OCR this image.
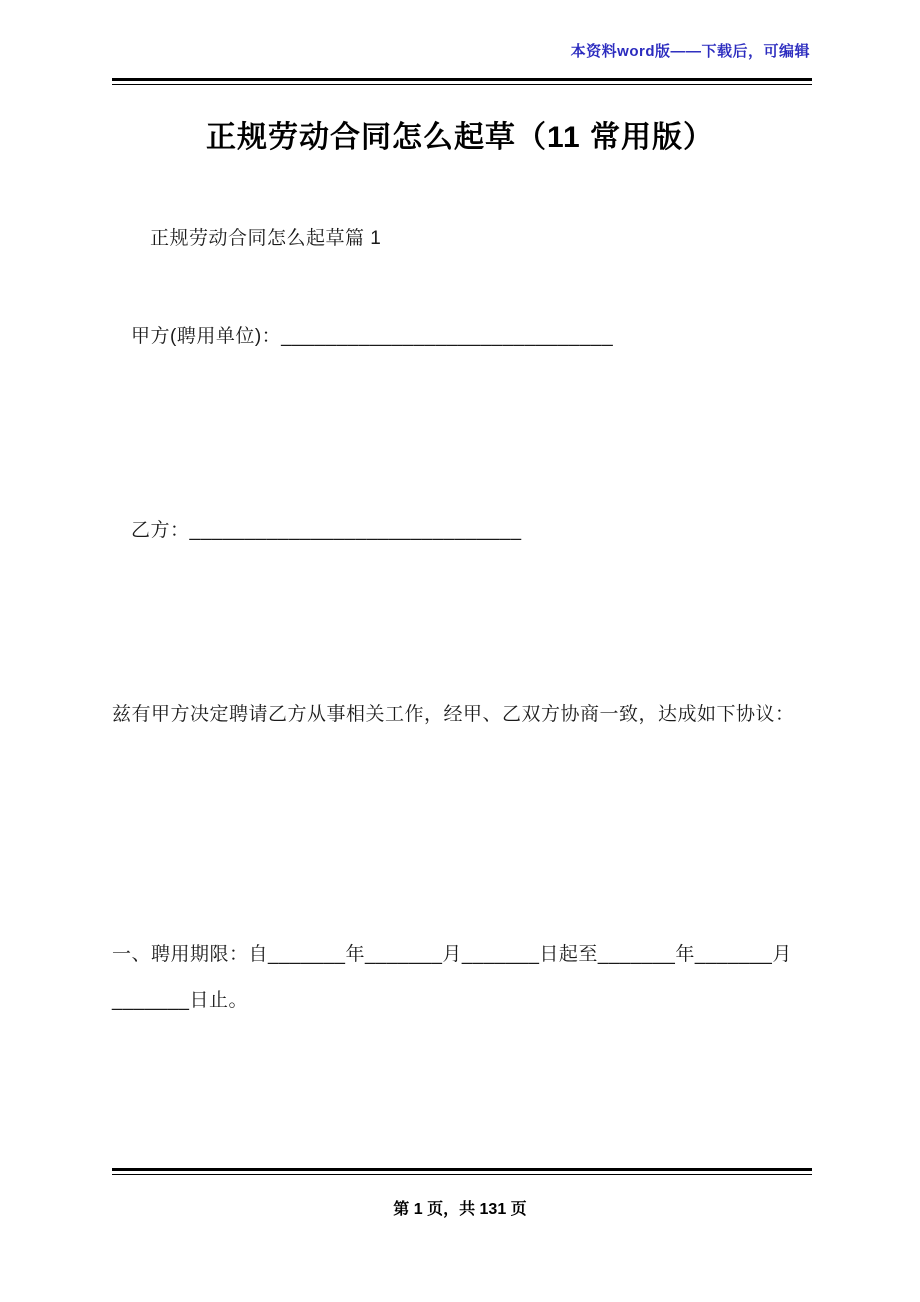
本资料word版——下载后，可编辑
正规劳动合同怎么起草（11 常用版）
正规劳动合同怎么起草篇 1
甲方(聘用单位)：______________________________
乙方：______________________________
兹有甲方决定聘请乙方从事相关工作，经甲、乙双方协商一致，达成如下协议：
一、聘用期限：自_______年_______月_______日起至_______年_______月_______日止。
第 1 页，共 131 页
